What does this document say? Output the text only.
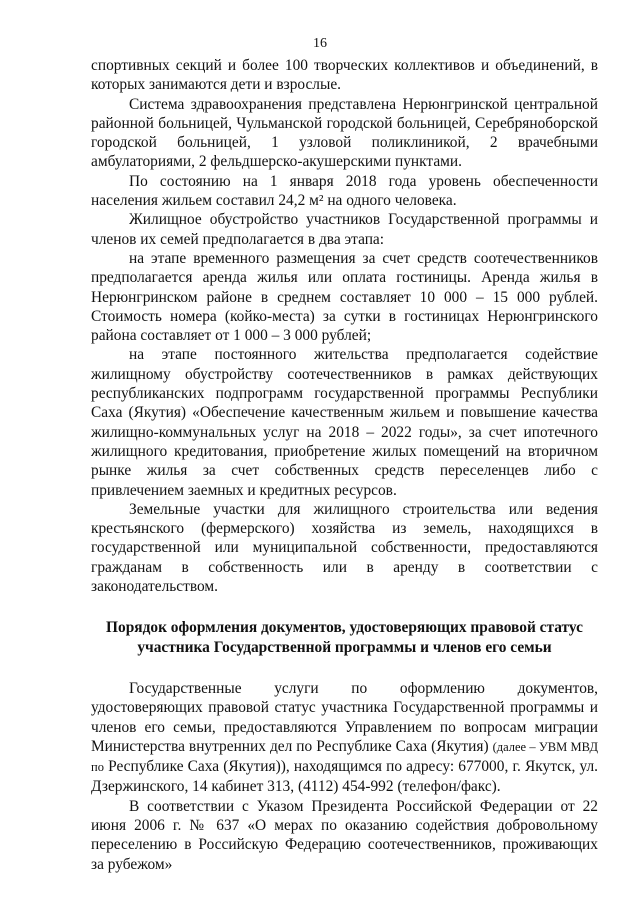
16

спортивных секций и более 100 творческих коллективов и объединений, в которых занимаются дети и взрослые.

Система здравоохранения представлена Нерюнгринской центральной районной больницей, Чульманской городской больницей, Серебряноборской городской больницей, 1 узловой поликлиникой, 2 врачебными амбулаториями, 2 фельдшерско-акушерскими пунктами.

По состоянию на 1 января 2018 года уровень обеспеченности населения жильем составил 24,2 м² на одного человека.

Жилищное обустройство участников Государственной программы и членов их семей предполагается в два этапа:

на этапе временного размещения за счет средств соотечественников предполагается аренда жилья или оплата гостиницы. Аренда жилья в Нерюнгринском районе в среднем составляет 10 000 – 15 000 рублей. Стоимость номера (койко-места) за сутки в гостиницах Нерюнгринского района составляет от 1 000 – 3 000 рублей;

на этапе постоянного жительства предполагается содействие жилищному обустройству соотечественников в рамках действующих республиканских подпрограмм государственной программы Республики Саха (Якутия) «Обеспечение качественным жильем и повышение качества жилищно-коммунальных услуг на 2018 – 2022 годы», за счет ипотечного жилищного кредитования, приобретение жилых помещений на вторичном рынке жилья за счет собственных средств переселенцев либо с привлечением заемных и кредитных ресурсов.

Земельные участки для жилищного строительства или ведения крестьянского (фермерского) хозяйства из земель, находящихся в государственной или муниципальной собственности, предоставляются гражданам в собственность или в аренду в соответствии с законодательством.

Порядок оформления документов, удостоверяющих правовой статус участника Государственной программы и членов его семьи

Государственные услуги по оформлению документов, удостоверяющих правовой статус участника Государственной программы и членов его семьи, предоставляются Управлением по вопросам миграции Министерства внутренних дел по Республике Саха (Якутия) (далее – УВМ МВД по Республике Саха (Якутия)), находящимся по адресу: 677000, г. Якутск, ул. Дзержинского, 14 кабинет 313, (4112) 454-992 (телефон/факс).

В соответствии с Указом Президента Российской Федерации от 22 июня 2006 г. № 637 «О мерах по оказанию содействия добровольному переселению в Российскую Федерацию соотечественников, проживающих за рубежом»
